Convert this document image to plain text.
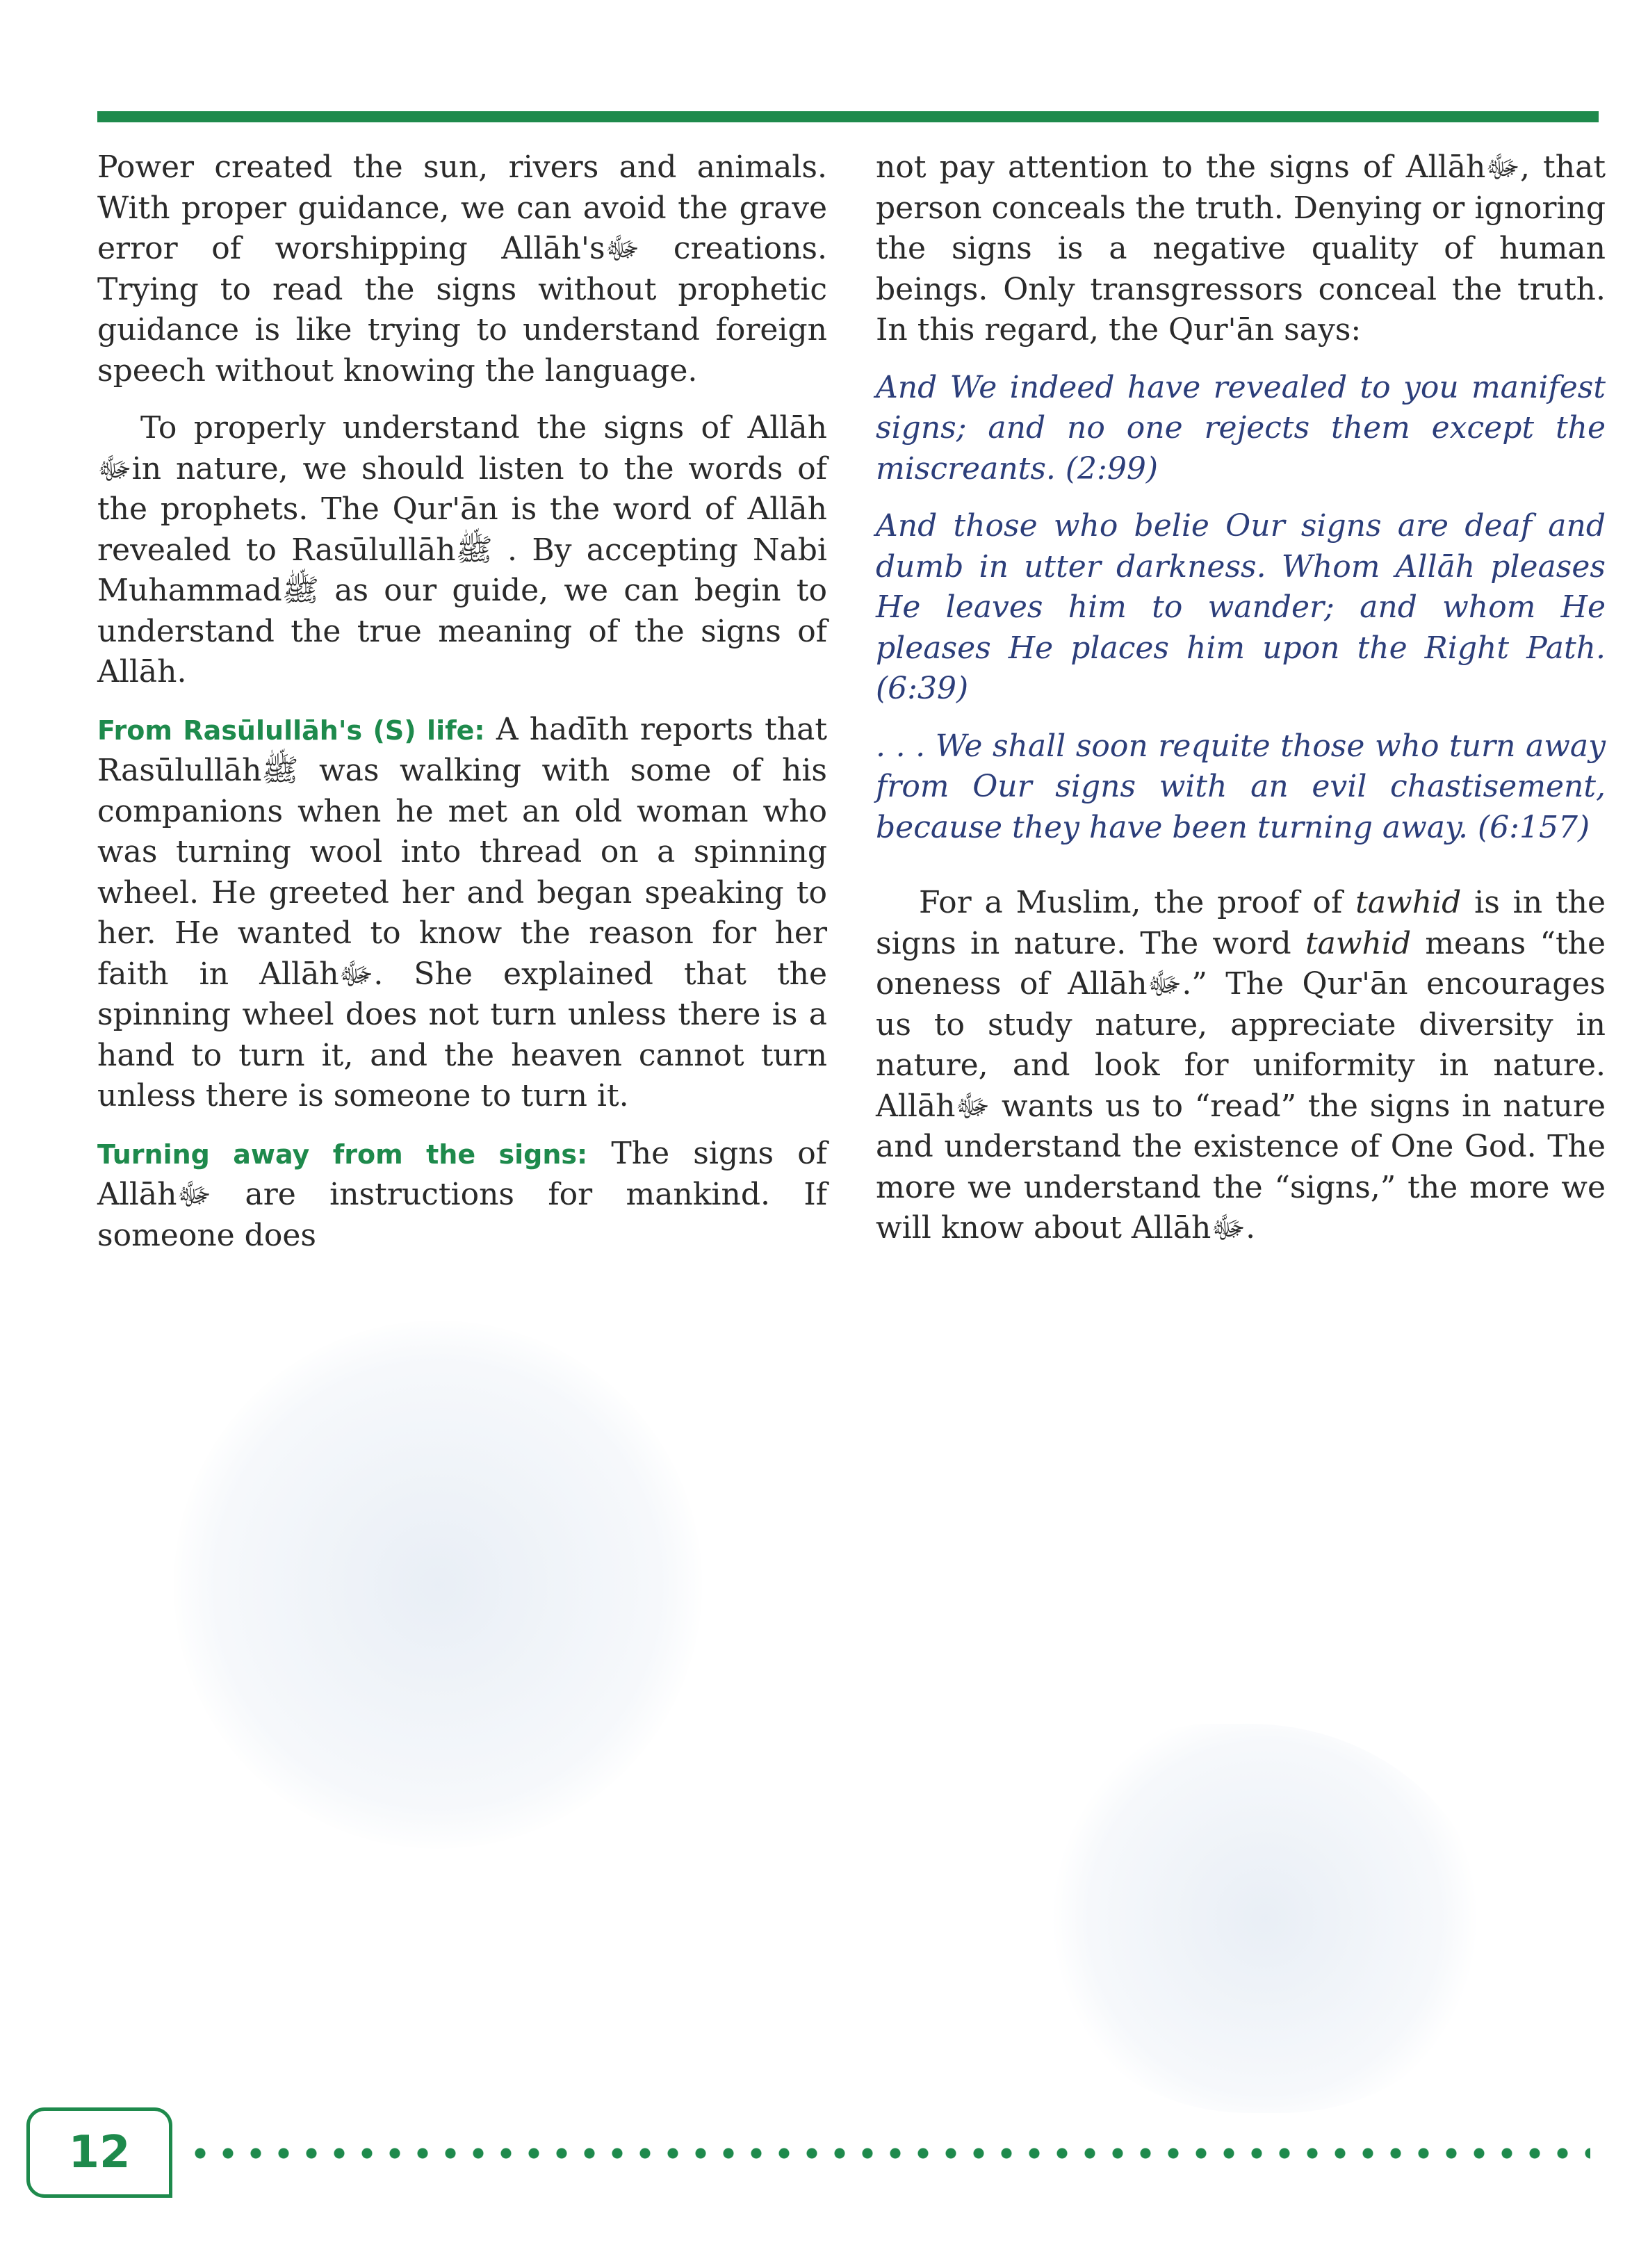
Power created the sun, rivers and animals. With proper guidance, we can avoid the grave error of worshipping Allāh'sﷻ creations. Trying to read the signs without prophetic guidance is like trying to understand foreign speech without knowing the language.

To properly understand the signs of Allāh ﷻin nature, we should listen to the words of the prophets. The Qur'ān is the word of Allāh revealed to Rasūlullāhﷺ . By accepting Nabi Muhammadﷺ as our guide, we can begin to understand the true meaning of the signs of Allāh.

From Rasūlullāh's (S) life: A hadīth reports that Rasūlullāhﷺ was walking with some of his companions when he met an old woman who was turning wool into thread on a spinning wheel. He greeted her and began speaking to her. He wanted to know the reason for her faith in Allāhﷻ. She explained that the spinning wheel does not turn unless there is a hand to turn it, and the heaven cannot turn unless there is someone to turn it.

Turning away from the signs: The signs of Allāhﷻ are instructions for mankind. If someone does

not pay attention to the signs of Allāhﷻ, that person conceals the truth. Denying or ignoring the signs is a negative quality of human beings. Only transgressors conceal the truth. In this regard, the Qur'ān says:

And We indeed have revealed to you manifest signs; and no one rejects them except the miscreants. (2:99)

And those who belie Our signs are deaf and dumb in utter darkness. Whom Allāh pleases He leaves him to wander; and whom He pleases He places him upon the Right Path. (6:39)

. . . We shall soon requite those who turn away from Our signs with an evil chastisement, because they have been turning away. (6:157)

For a Muslim, the proof of tawhid is in the signs in nature. The word tawhid means “the oneness of Allāhﷻ.” The Qur'ān encourages us to study nature, appreciate diversity in nature, and look for uniformity in nature. Allāhﷻ wants us to “read” the signs in nature and understand the existence of One God. The more we understand the “signs,” the more we will know about Allāhﷻ.

12
